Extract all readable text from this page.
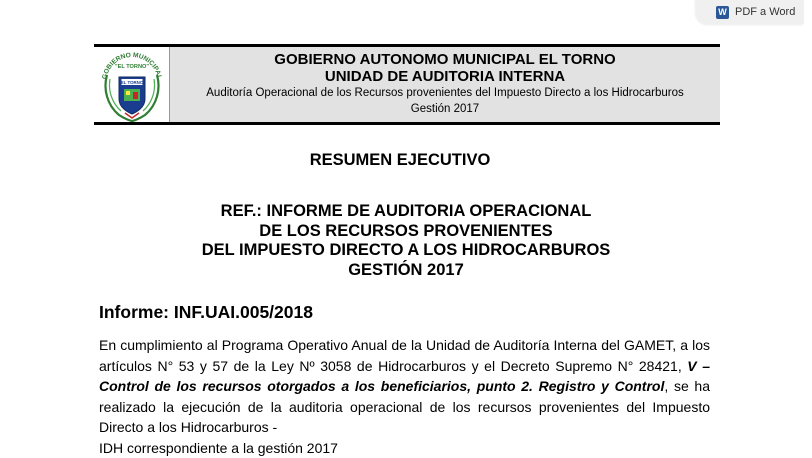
W PDF a Word
GOBIERNO MUNICIPAL
"EL TORNO"
EL TORNO
GOBIERNO AUTONOMO MUNICIPAL EL TORNO
UNIDAD DE AUDITORIA INTERNA
Auditoría Operacional de los Recursos provenientes del Impuesto Directo a los Hidrocarburos
Gestión 2017
RESUMEN EJECUTIVO
REF.: INFORME DE AUDITORIA OPERACIONAL
DE LOS RECURSOS PROVENIENTES
DEL IMPUESTO DIRECTO A LOS HIDROCARBUROS
GESTIÓN 2017
Informe: INF.UAI.005/2018
En cumplimiento al Programa Operativo Anual de la Unidad de Auditoría Interna del GAMET, a los artículos N° 53 y 57 de la Ley Nº 3058 de Hidrocarburos y el Decreto Supremo N° 28421, V – Control de los recursos otorgados a los beneficiarios, punto 2. Registro y Control, se ha realizado la ejecución de la auditoria operacional de los recursos provenientes del Impuesto Directo a los Hidrocarburos -
IDH correspondiente a la gestión 2017
